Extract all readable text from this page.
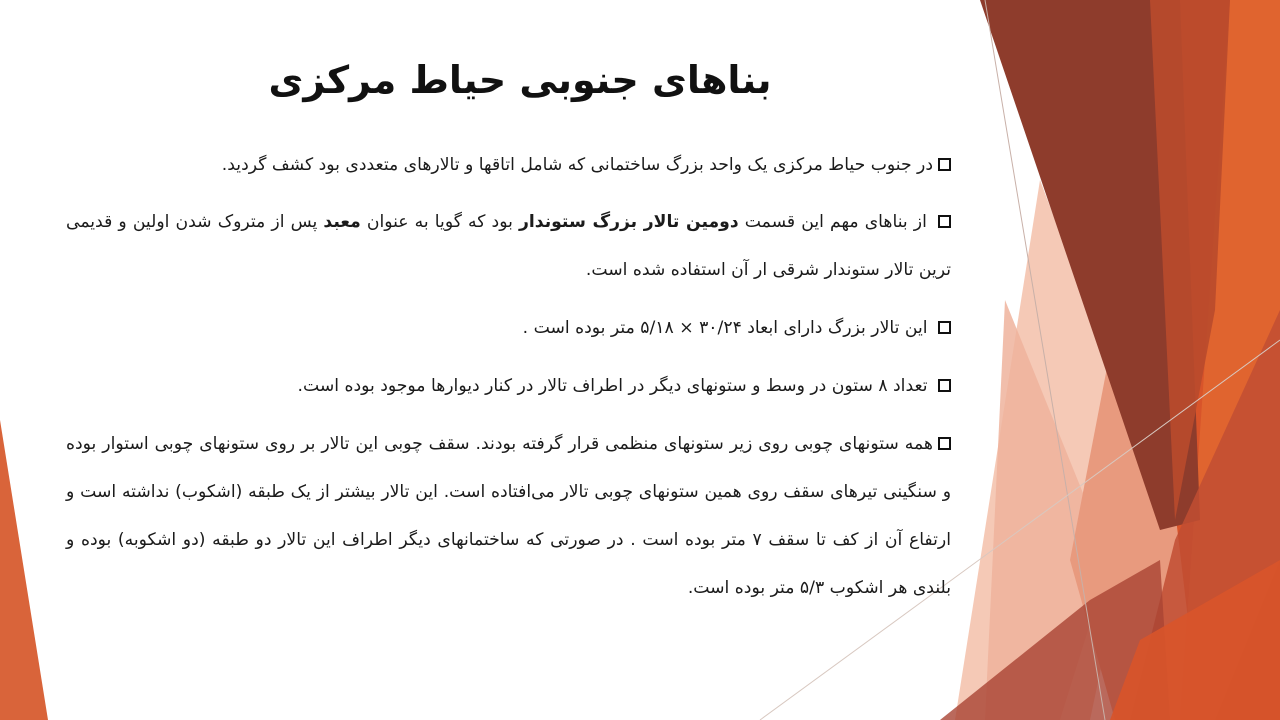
بناهای جنوبی حیاط مرکزی

در جنوب حیاط مرکزی یک واحد بزرگ ساختمانی که شامل اتاقها و تالارهای متعددی بود کشف گردید.

از بناهای مهم این قسمت دومین تالار بزرگ ستوندار بود که گویا به عنوان معبد پس از متروک شدن اولین و قدیمی ترین تالار ستوندار شرقی ار آن استفاده شده است.

این تالار بزرگ دارای ابعاد ۳۰/۲۴ × ۵/۱۸ متر بوده است .

تعداد ۸ ستون در وسط و ستونهای دیگر در اطراف تالار در کنار دیوارها موجود بوده است.

همه ستونهای چوبی روی زیر ستونهای منظمی قرار گرفته بودند. سقف چوبی این تالار بر روی ستونهای چوبی استوار بوده و سنگینی تیرهای سقف روی همین ستونهای چوبی تالار می‌افتاده است. این تالار بیشتر از یک طبقه (اشکوب) نداشته است و ارتفاع آن از کف تا سقف ۷ متر بوده است . در صورتی که ساختمانهای دیگر اطراف این تالار دو طبقه (دو اشکوبه) بوده و بلندی هر اشکوب ۵/۳ متر بوده است.
